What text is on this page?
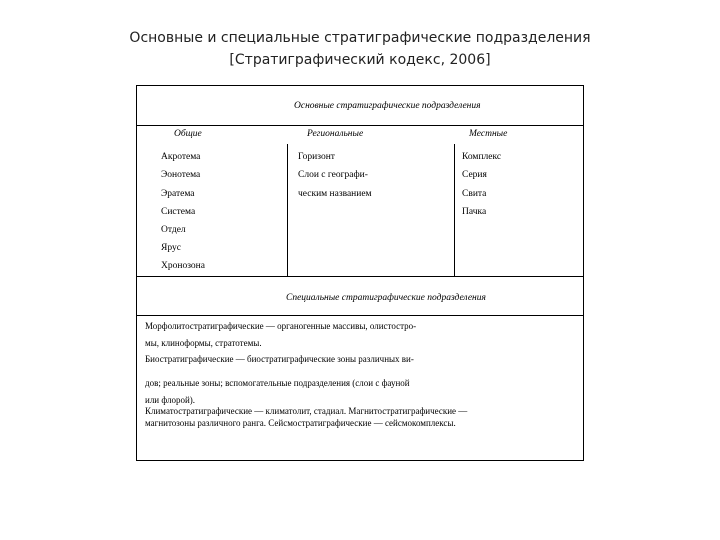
Основные и специальные стратиграфические подразделения
[Стратиграфический кодекс, 2006]
Основные стратиграфические подразделения
Общие	Региональные	Местные
Акротема
Эонотема
Эратема
Система
Отдел
Ярус
Хронозона
Горизонт
Слои с географи-
ческим названием
Комплекс
Серия
Свита
Пачка
Специальные стратиграфические подразделения
Морфолитостратиграфические — органогенные массивы, олистостро-
мы, клиноформы, стратотемы.
Биостратиграфические — биостратиграфические зоны различных ви-
дов; реальные зоны; вспомогательные подразделения (слои с фауной
или флорой).
Климатостратиграфические — климатолит, стадиал. Магнитостратиграфические —
магнитозоны различного ранга. Сейсмостратиграфические — сейсмокомплексы.
